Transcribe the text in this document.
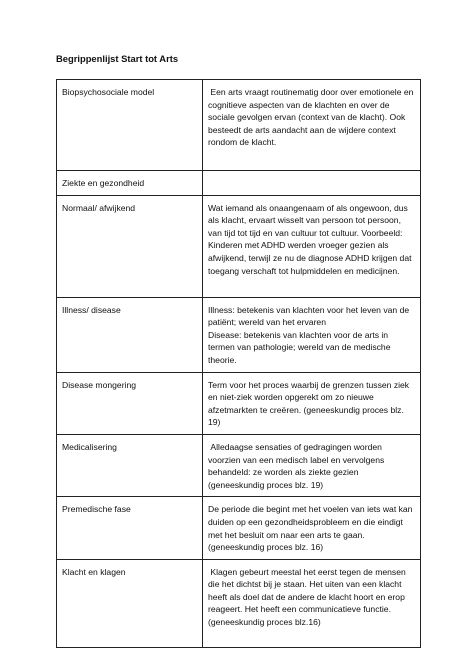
Begrippenlijst Start tot Arts
Biopsychosociale model	Een arts vraagt routinematig door over emotionele en cognitieve aspecten van de klachten en over de sociale gevolgen ervan (context van de klacht). Ook besteedt de arts aandacht aan de wijdere context rondom de klacht.

Ziekte en gezondheid	

Normaal/ afwijkend	Wat iemand als onaangenaam of als ongewoon, dus als klacht, ervaart wisselt van persoon tot persoon, van tijd tot tijd en van cultuur tot cultuur. Voorbeeld: Kinderen met ADHD werden vroeger gezien als afwijkend, terwijl ze nu de diagnose ADHD krijgen dat toegang verschaft tot hulpmiddelen en medicijnen.

Illness/ disease	Illness: betekenis van klachten voor het leven van de patiënt; wereld van het ervaren
Disease: betekenis van klachten voor de arts in termen van pathologie; wereld van de medische theorie.

Disease mongering	Term voor het proces waarbij de grenzen tussen ziek en niet-ziek worden opgerekt om zo nieuwe afzetmarkten te creëren. (geneeskundig proces blz. 19)

Medicalisering	Alledaagse sensaties of gedragingen worden voorzien van een medisch label en vervolgens behandeld: ze worden als ziekte gezien (geneeskundig proces blz. 19)

Premedische fase	De periode die begint met het voelen van iets wat kan duiden op een gezondheidsprobleem en die eindigt met het besluit om naar een arts te gaan.(geneeskundig proces blz. 16)

Klacht en klagen	Klagen gebeurt meestal het eerst tegen de mensen die het dichtst bij je staan. Het uiten van een klacht heeft als doel dat de andere de klacht hoort en erop reageert. Het heeft een communicatieve functie. (geneeskundig proces blz.16)
